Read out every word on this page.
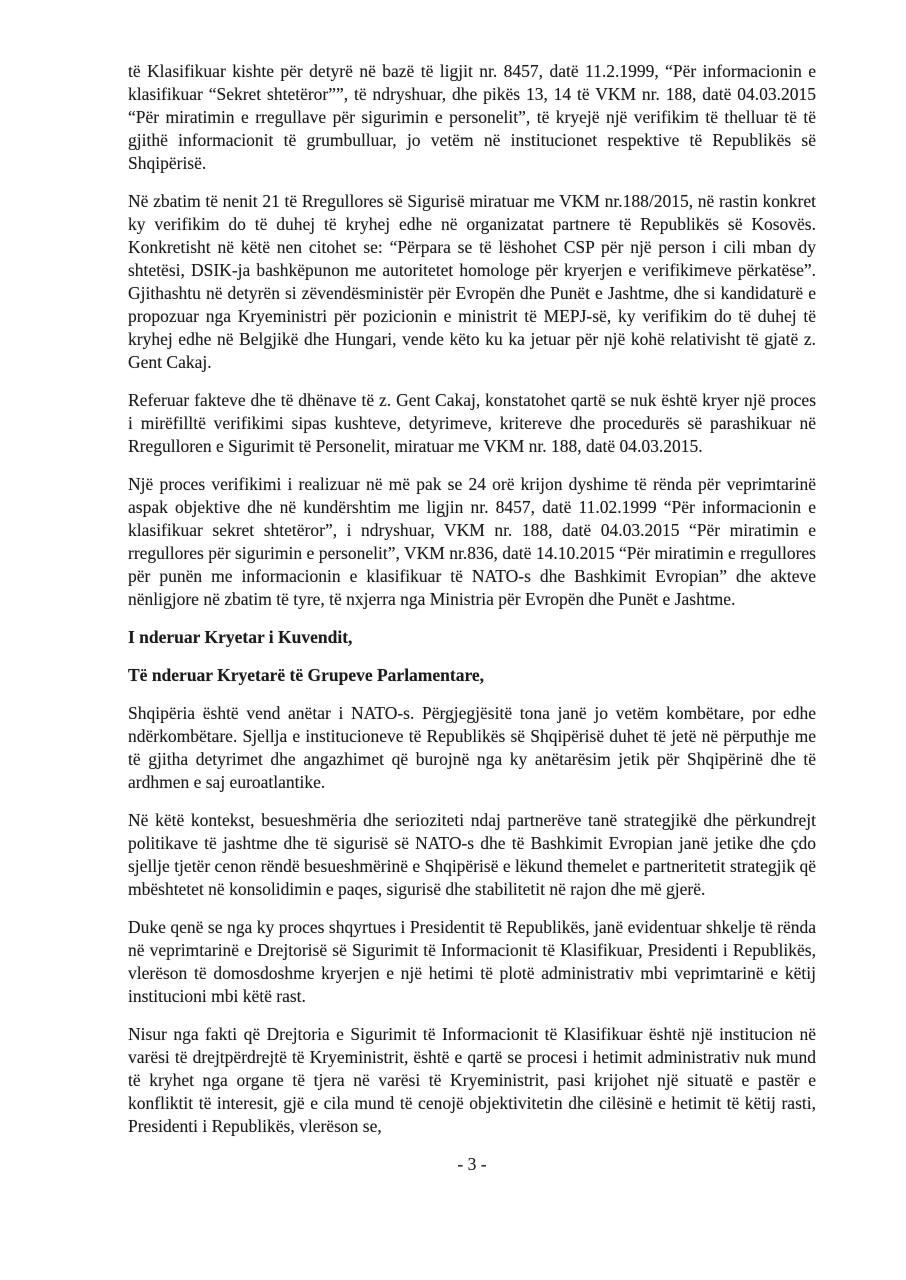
të Klasifikuar kishte për detyrë në bazë të ligjit nr. 8457, datë 11.2.1999, “Për informacionin e klasifikuar “Sekret shtetëror””, të ndryshuar, dhe pikës 13, 14 të VKM nr. 188, datë 04.03.2015 “Për miratimin e rregullave për sigurimin e personelit”, të kryejë një verifikim të thelluar të të gjithë informacionit të grumbulluar, jo vetëm në institucionet respektive të Republikës së Shqipërisë.

Në zbatim të nenit 21 të Rregullores së Sigurisë miratuar me VKM nr.188/2015, në rastin konkret ky verifikim do të duhej të kryhej edhe në organizatat partnere të Republikës së Kosovës. Konkretisht në këtë nen citohet se: “Përpara se të lëshohet CSP për një person i cili mban dy shtetësi, DSIK-ja bashkëpunon me autoritetet homologe për kryerjen e verifikimeve përkatëse”. Gjithashtu në detyrën si zëvendësministër për Evropën dhe Punët e Jashtme, dhe si kandidaturë e propozuar nga Kryeministri për pozicionin e ministrit të MEPJ-së, ky verifikim do të duhej të kryhej edhe në Belgjikë dhe Hungari, vende këto ku ka jetuar për një kohë relativisht të gjatë z. Gent Cakaj.

Referuar fakteve dhe të dhënave të z. Gent Cakaj, konstatohet qartë se nuk është kryer një proces i mirëfilltë verifikimi sipas kushteve, detyrimeve, kritereve dhe procedurës së parashikuar në Rregulloren e Sigurimit të Personelit, miratuar me VKM nr. 188, datë 04.03.2015.

Një proces verifikimi i realizuar në më pak se 24 orë krijon dyshime të rënda për veprimtarinë aspak objektive dhe në kundërshtim me ligjin nr. 8457, datë 11.02.1999 “Për informacionin e klasifikuar sekret shtetëror”, i ndryshuar, VKM nr. 188, datë 04.03.2015 “Për miratimin e rregullores për sigurimin e personelit”, VKM nr.836, datë 14.10.2015 “Për miratimin e rregullores për punën me informacionin e klasifikuar të NATO-s dhe Bashkimit Evropian” dhe akteve nënligjore në zbatim të tyre, të nxjerra nga Ministria për Evropën dhe Punët e Jashtme.

I nderuar Kryetar i Kuvendit,

Të nderuar Kryetarë të Grupeve Parlamentare,

Shqipëria është vend anëtar i NATO-s. Përgjegjësitë tona janë jo vetëm kombëtare, por edhe ndërkombëtare. Sjellja e institucioneve të Republikës së Shqipërisë duhet të jetë në përputhje me të gjitha detyrimet dhe angazhimet që burojnë nga ky anëtarësim jetik për Shqipërinë dhe të ardhmen e saj euroatlantike.

Në këtë kontekst, besueshmëria dhe serioziteti ndaj partnerëve tanë strategjikë dhe përkundrejt politikave të jashtme dhe të sigurisë së NATO-s dhe të Bashkimit Evropian janë jetike dhe çdo sjellje tjetër cenon rëndë besueshmërinë e Shqipërisë e lëkund themelet e partneritetit strategjik që mbështetet në konsolidimin e paqes, sigurisë dhe stabilitetit në rajon dhe më gjerë.

Duke qenë se nga ky proces shqyrtues i Presidentit të Republikës, janë evidentuar shkelje të rënda në veprimtarinë e Drejtorisë së Sigurimit të Informacionit të Klasifikuar, Presidenti i Republikës, vlerëson të domosdoshme kryerjen e një hetimi të plotë administrativ mbi veprimtarinë e këtij institucioni mbi këtë rast.

Nisur nga fakti që Drejtoria e Sigurimit të Informacionit të Klasifikuar është një institucion në varësi të drejtpërdrejtë të Kryeministrit, është e qartë se procesi i hetimit administrativ nuk mund të kryhet nga organe të tjera në varësi të Kryeministrit, pasi krijohet një situatë e pastër e konfliktit të interesit, gjë e cila mund të cenojë objektivitetin dhe cilësinë e hetimit të këtij rasti, Presidenti i Republikës, vlerëson se,

- 3 -
